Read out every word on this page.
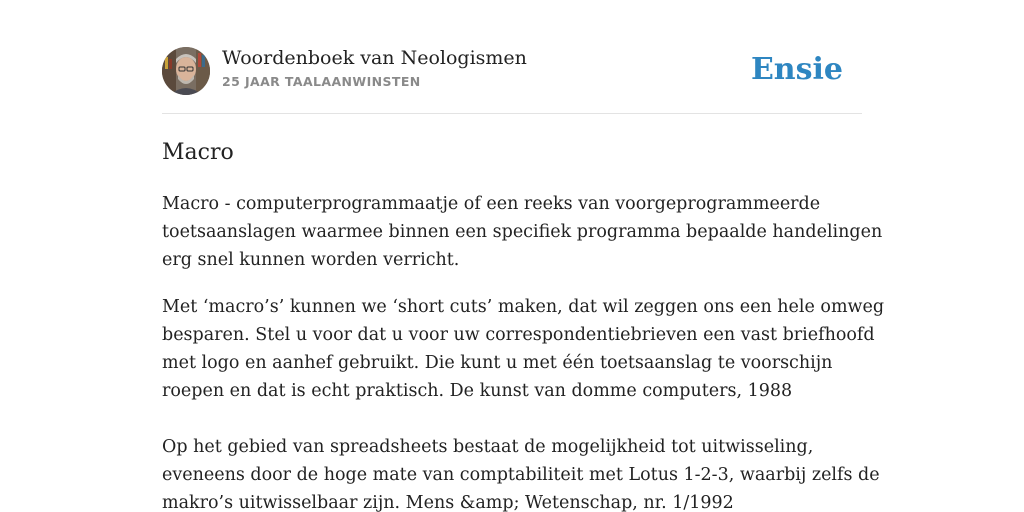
Woordenboek van Neologismen
25 JAAR TAALAANWINSTEN	Ensie
Macro
Macro - computerprogrammaatje of een reeks van voorgeprogrammeerde
toetsaanslagen waarmee binnen een specifiek programma bepaalde handelingen
erg snel kunnen worden verricht.
Met ‘macro’s’ kunnen we ‘short cuts’ maken, dat wil zeggen ons een hele omweg
besparen. Stel u voor dat u voor uw correspondentiebrieven een vast briefhoofd
met logo en aanhef gebruikt. Die kunt u met één toetsaanslag te voorschijn
roepen en dat is echt praktisch. De kunst van domme computers, 1988
Op het gebied van spreadsheets bestaat de mogelijkheid tot uitwisseling,
eveneens door de hoge mate van comptabiliteit met Lotus 1-2-3, waarbij zelfs de
makro’s uitwisselbaar zijn. Mens &amp; Wetenschap, nr. 1/1992
